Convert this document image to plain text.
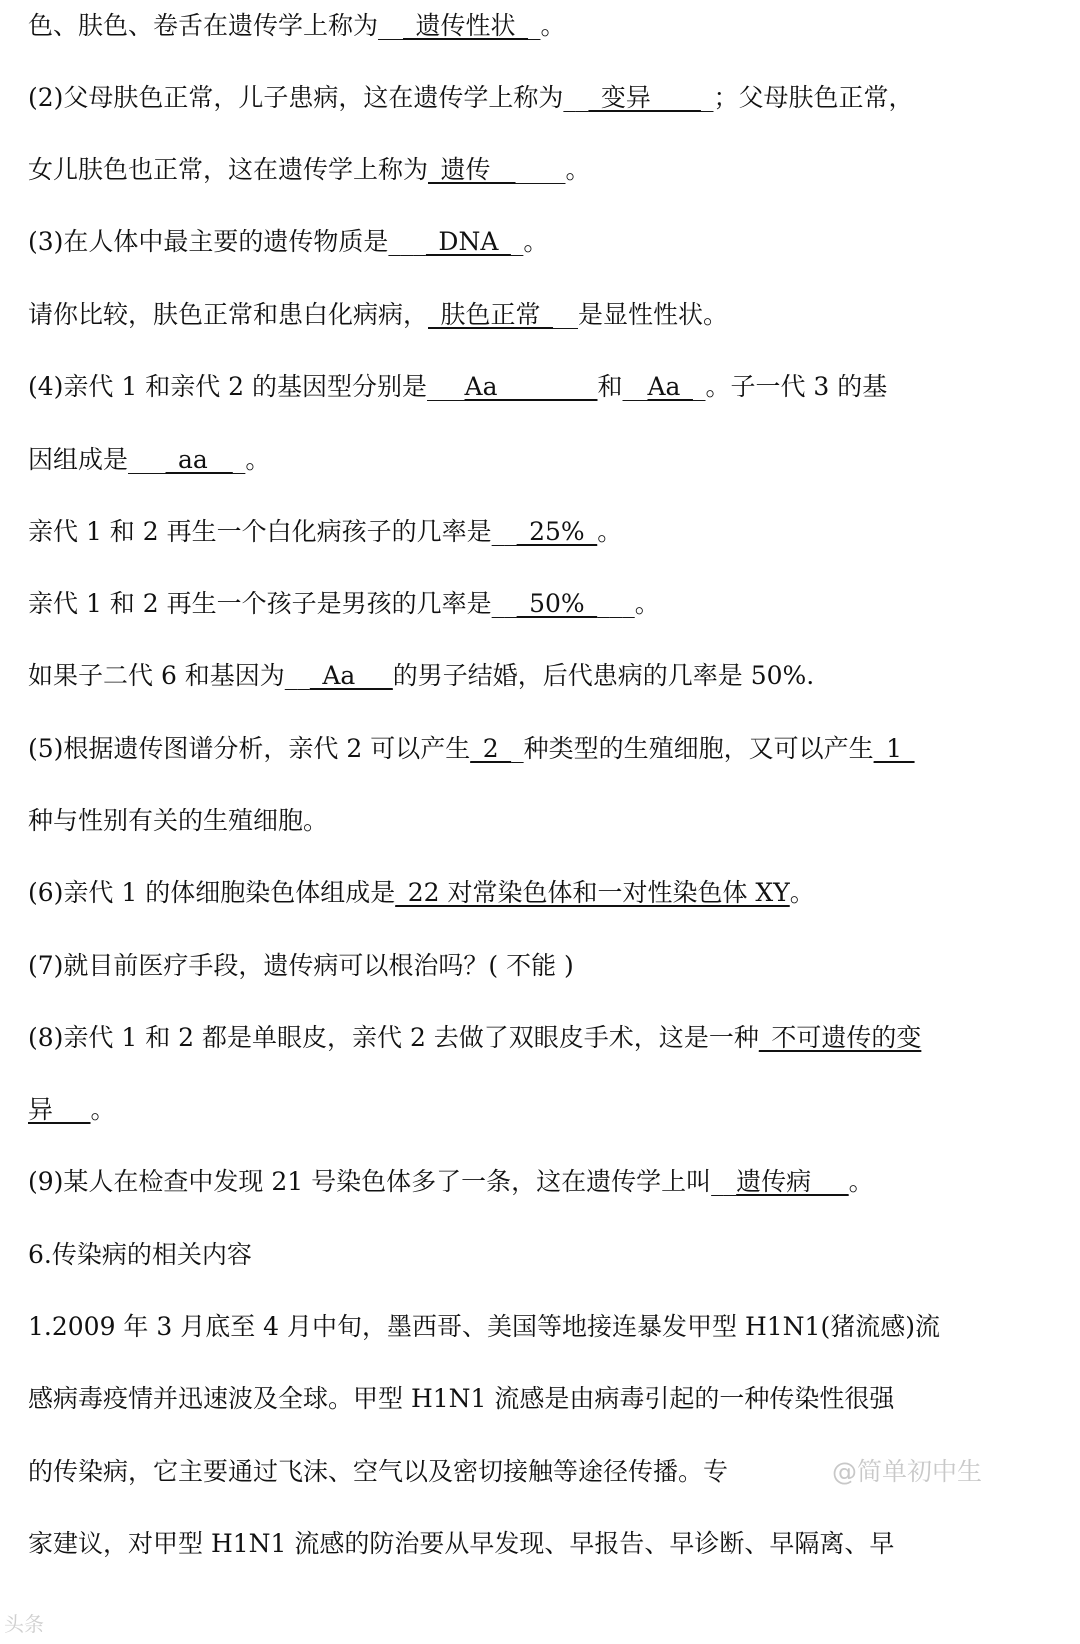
色、肤色、卷舌在遗传学上称为___遗传性状__。
(2)父母肤色正常，儿子患病，这在遗传学上称为___变异_____；父母肤色正常，
女儿肤色也正常，这在遗传学上称为_遗传______。
(3)在人体中最主要的遗传物质是____DNA__。
请你比较，肤色正常和患白化病病，_肤色正常___是显性性状。
(4)亲代 1 和亲代 2 的基因型分别是___Aa________和__Aa__。子一代 3 的基
因组成是____aa___。
亲代 1 和 2 再生一个白化病孩子的几率是___25%_。
亲代 1 和 2 再生一个孩子是男孩的几率是___50%____。
如果子二代 6 和基因为___Aa___的男子结婚，后代患病的几率是 50%.
(5)根据遗传图谱分析，亲代 2 可以产生_2__种类型的生殖细胞，又可以产生_1_
种与性别有关的生殖细胞。
(6)亲代 1 的体细胞染色体组成是_22 对常染色体和一对性染色体 XY。
(7)就目前医疗手段，遗传病可以根治吗？( 不能 )
(8)亲代 1 和 2 都是单眼皮，亲代 2 去做了双眼皮手术，这是一种_不可遗传的变
异___。
(9)某人在检查中发现 21 号染色体多了一条，这在遗传学上叫__遗传病___。
6.传染病的相关内容
1.2009 年 3 月底至 4 月中旬，墨西哥、美国等地接连暴发甲型 H1N1(猪流感)流
感病毒疫情并迅速波及全球。甲型 H1N1 流感是由病毒引起的一种传染性很强
的传染病，它主要通过飞沫、空气以及密切接触等途径传播。专
家建议，对甲型 H1N1 流感的防治要从早发现、早报告、早诊断、早隔离、早
@简单初中生
头条
